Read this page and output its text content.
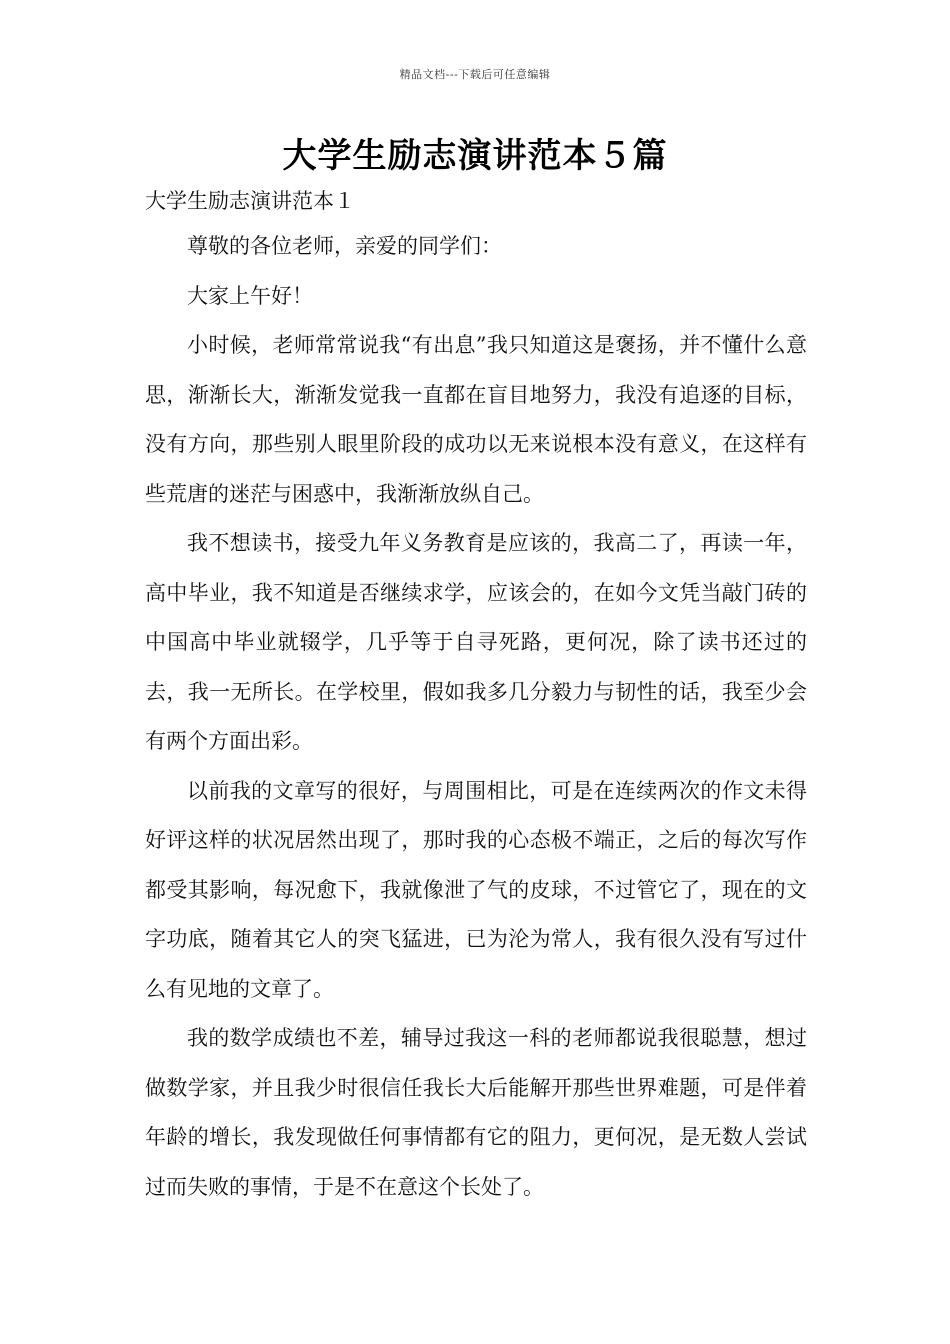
精品文档---下载后可任意编辑
大学生励志演讲范本５篇

大学生励志演讲范本１

尊敬的各位老师，亲爱的同学们：

大家上午好！

小时候，老师常常说我“有出息”我只知道这是褒扬，并不懂什么意思，渐渐长大，渐渐发觉我一直都在盲目地努力，我没有追逐的目标，没有方向，那些别人眼里阶段的成功以无来说根本没有意义，在这样有些荒唐的迷茫与困惑中，我渐渐放纵自己。

我不想读书，接受九年义务教育是应该的，我高二了，再读一年，高中毕业，我不知道是否继续求学，应该会的，在如今文凭当敲门砖的中国高中毕业就辍学，几乎等于自寻死路，更何况，除了读书还过的去，我一无所长。在学校里，假如我多几分毅力与韧性的话，我至少会有两个方面出彩。

以前我的文章写的很好，与周围相比，可是在连续两次的作文未得好评这样的状况居然出现了，那时我的心态极不端正，之后的每次写作都受其影响，每况愈下，我就像泄了气的皮球，不过管它了，现在的文字功底，随着其它人的突飞猛进，已为沦为常人，我有很久没有写过什么有见地的文章了。

我的数学成绩也不差，辅导过我这一科的老师都说我很聪慧，想过做数学家，并且我少时很信任我长大后能解开那些世界难题，可是伴着年龄的增长，我发现做任何事情都有它的阻力，更何况，是无数人尝试过而失败的事情，于是不在意这个长处了。
